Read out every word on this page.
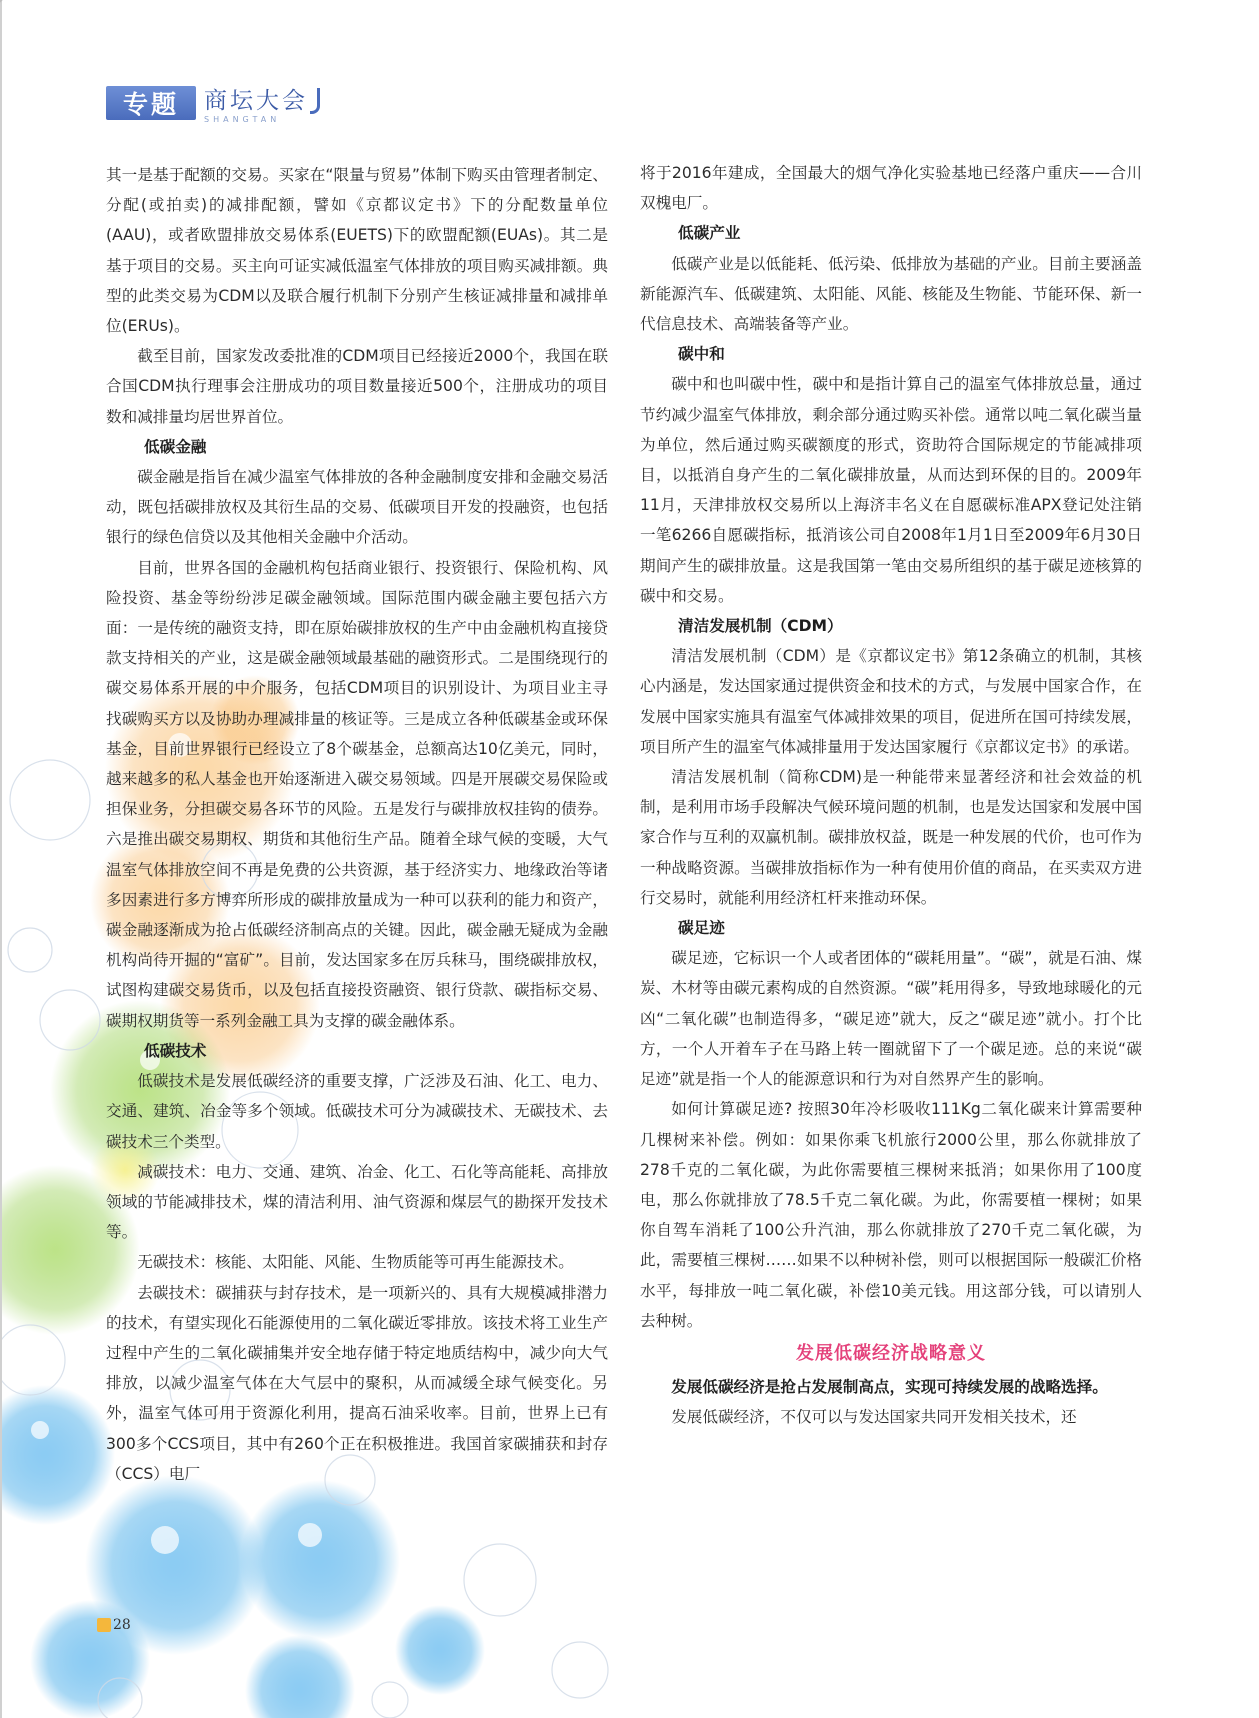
专题	商坛大会
SHANGTAN

其一是基于配额的交易。买家在“限量与贸易”体制下购买由管理者制定、分配(或拍卖)的减排配额，譬如《京都议定书》下的分配数量单位(AAU)，或者欧盟排放交易体系(EUETS)下的欧盟配额(EUAs)。其二是基于项目的交易。买主向可证实减低温室气体排放的项目购买减排额。典型的此类交易为CDM以及联合履行机制下分别产生核证减排量和减排单位(ERUs)。

截至目前，国家发改委批准的CDM项目已经接近2000个，我国在联合国CDM执行理事会注册成功的项目数量接近500个，注册成功的项目数和减排量均居世界首位。

低碳金融

碳金融是指旨在减少温室气体排放的各种金融制度安排和金融交易活动，既包括碳排放权及其衍生品的交易、低碳项目开发的投融资，也包括银行的绿色信贷以及其他相关金融中介活动。

目前，世界各国的金融机构包括商业银行、投资银行、保险机构、风险投资、基金等纷纷涉足碳金融领域。国际范围内碳金融主要包括六方面：一是传统的融资支持，即在原始碳排放权的生产中由金融机构直接贷款支持相关的产业，这是碳金融领域最基础的融资形式。二是围绕现行的碳交易体系开展的中介服务，包括CDM项目的识别设计、为项目业主寻找碳购买方以及协助办理减排量的核证等。三是成立各种低碳基金或环保基金，目前世界银行已经设立了8个碳基金，总额高达10亿美元，同时，越来越多的私人基金也开始逐渐进入碳交易领域。四是开展碳交易保险或担保业务，分担碳交易各环节的风险。五是发行与碳排放权挂钩的债券。六是推出碳交易期权、期货和其他衍生产品。随着全球气候的变暖，大气温室气体排放空间不再是免费的公共资源，基于经济实力、地缘政治等诸多因素进行多方博弈所形成的碳排放量成为一种可以获利的能力和资产，碳金融逐渐成为抢占低碳经济制高点的关键。因此，碳金融无疑成为金融机构尚待开掘的“富矿”。目前，发达国家多在厉兵秣马，围绕碳排放权，试图构建碳交易货币，以及包括直接投资融资、银行贷款、碳指标交易、碳期权期货等一系列金融工具为支撑的碳金融体系。

低碳技术

低碳技术是发展低碳经济的重要支撑，广泛涉及石油、化工、电力、交通、建筑、冶金等多个领域。低碳技术可分为减碳技术、无碳技术、去碳技术三个类型。

减碳技术：电力、交通、建筑、冶金、化工、石化等高能耗、高排放领域的节能减排技术，煤的清洁利用、油气资源和煤层气的勘探开发技术等。

无碳技术：核能、太阳能、风能、生物质能等可再生能源技术。

去碳技术：碳捕获与封存技术，是一项新兴的、具有大规模减排潜力的技术，有望实现化石能源使用的二氧化碳近零排放。该技术将工业生产过程中产生的二氧化碳捕集并安全地存储于特定地质结构中，减少向大气排放，以减少温室气体在大气层中的聚积，从而减缓全球气候变化。另外，温室气体可用于资源化利用，提高石油采收率。目前，世界上已有300多个CCS项目，其中有260个正在积极推进。我国首家碳捕获和封存（CCS）电厂

将于2016年建成，全国最大的烟气净化实验基地已经落户重庆——合川双槐电厂。

低碳产业

低碳产业是以低能耗、低污染、低排放为基础的产业。目前主要涵盖新能源汽车、低碳建筑、太阳能、风能、核能及生物能、节能环保、新一代信息技术、高端装备等产业。

碳中和

碳中和也叫碳中性，碳中和是指计算自己的温室气体排放总量，通过节约减少温室气体排放，剩余部分通过购买补偿。通常以吨二氧化碳当量为单位，然后通过购买碳额度的形式，资助符合国际规定的节能减排项目，以抵消自身产生的二氧化碳排放量，从而达到环保的目的。2009年11月，天津排放权交易所以上海济丰名义在自愿碳标准APX登记处注销一笔6266自愿碳指标，抵消该公司自2008年1月1日至2009年6月30日期间产生的碳排放量。这是我国第一笔由交易所组织的基于碳足迹核算的碳中和交易。

清洁发展机制（CDM）

清洁发展机制（CDM）是《京都议定书》第12条确立的机制，其核心内涵是，发达国家通过提供资金和技术的方式，与发展中国家合作，在发展中国家实施具有温室气体减排效果的项目，促进所在国可持续发展，项目所产生的温室气体减排量用于发达国家履行《京都议定书》的承诺。

清洁发展机制（简称CDM)是一种能带来显著经济和社会效益的机制，是利用市场手段解决气候环境问题的机制，也是发达国家和发展中国家合作与互利的双赢机制。碳排放权益，既是一种发展的代价，也可作为一种战略资源。当碳排放指标作为一种有使用价值的商品，在买卖双方进行交易时，就能利用经济杠杆来推动环保。

碳足迹

碳足迹，它标识一个人或者团体的“碳耗用量”。“碳”，就是石油、煤炭、木材等由碳元素构成的自然资源。“碳”耗用得多，导致地球暖化的元凶“二氧化碳”也制造得多，“碳足迹”就大，反之“碳足迹”就小。打个比方，一个人开着车子在马路上转一圈就留下了一个碳足迹。总的来说“碳足迹”就是指一个人的能源意识和行为对自然界产生的影响。

如何计算碳足迹? 按照30年冷杉吸收111Kg二氧化碳来计算需要种几棵树来补偿。例如：如果你乘飞机旅行2000公里，那么你就排放了278千克的二氧化碳，为此你需要植三棵树来抵消；如果你用了100度电，那么你就排放了78.5千克二氧化碳。为此，你需要植一棵树；如果你自驾车消耗了100公升汽油，那么你就排放了270千克二氧化碳，为此，需要植三棵树……如果不以种树补偿，则可以根据国际一般碳汇价格水平，每排放一吨二氧化碳，补偿10美元钱。用这部分钱，可以请别人去种树。

发展低碳经济战略意义

发展低碳经济是抢占发展制高点，实现可持续发展的战略选择。

发展低碳经济，不仅可以与发达国家共同开发相关技术，还

28
